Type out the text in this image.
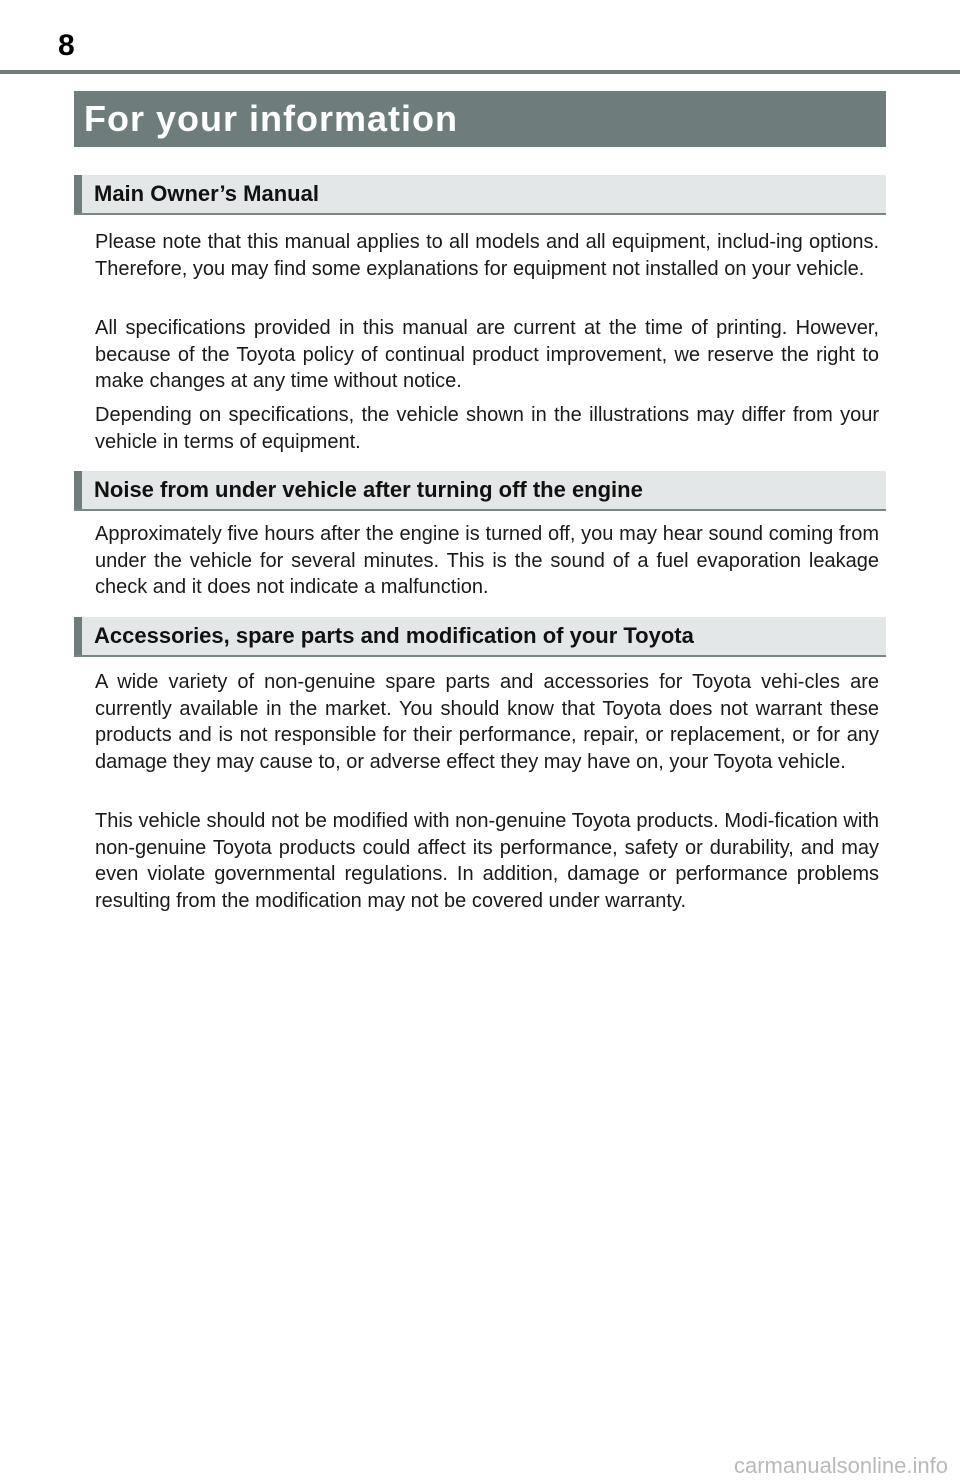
8
For your information
Main Owner’s Manual

Please note that this manual applies to all models and all equipment, includ-ing options. Therefore, you may find some explanations for equipment not installed on your vehicle.

All specifications provided in this manual are current at the time of printing. However, because of the Toyota policy of continual product improvement, we reserve the right to make changes at any time without notice.

Depending on specifications, the vehicle shown in the illustrations may differ from your vehicle in terms of equipment.

Noise from under vehicle after turning off the engine

Approximately five hours after the engine is turned off, you may hear sound coming from under the vehicle for several minutes. This is the sound of a fuel evaporation leakage check and it does not indicate a malfunction.

Accessories, spare parts and modification of your Toyota

A wide variety of non-genuine spare parts and accessories for Toyota vehi-cles are currently available in the market. You should know that Toyota does not warrant these products and is not responsible for their performance, repair, or replacement, or for any damage they may cause to, or adverse effect they may have on, your Toyota vehicle.

This vehicle should not be modified with non-genuine Toyota products. Modi-fication with non-genuine Toyota products could affect its performance, safety or durability, and may even violate governmental regulations. In addition, damage or performance problems resulting from the modification may not be covered under warranty.

carmanualsonline.info
